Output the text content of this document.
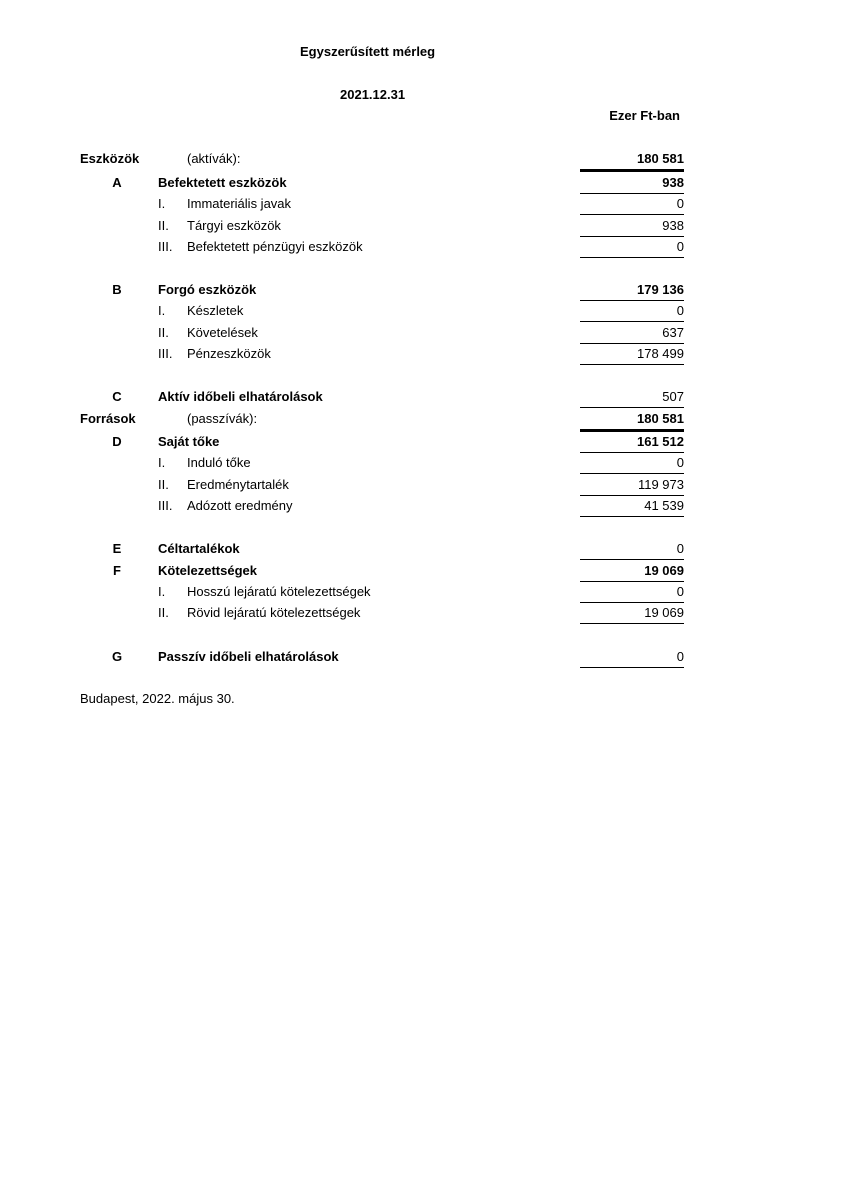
Egyszerűsített mérleg
2021.12.31
Ezer Ft-ban
Eszközök	(aktívák):	180 581
A	Befektetett eszközök	938
I. Immateriális javak	0
II. Tárgyi eszközök	938
III. Befektetett pénzügyi eszközök	0
B	Forgó eszközök	179 136
I. Készletek	0
II. Követelések	637
III. Pénzeszközök	178 499
C	Aktív időbeli elhatárolások	507
Források	(passzívák):	180 581
D	Saját tőke	161 512
I. Induló tőke	0
II. Eredménytartalék	119 973
III. Adózott eredmény	41 539
E	Céltartalékok	0
F	Kötelezettségek	19 069
I. Hosszú lejáratú kötelezettségek	0
II. Rövid lejáratú kötelezettségek	19 069
G	Passzív időbeli elhatárolások	0
Budapest, 2022. május 30.
